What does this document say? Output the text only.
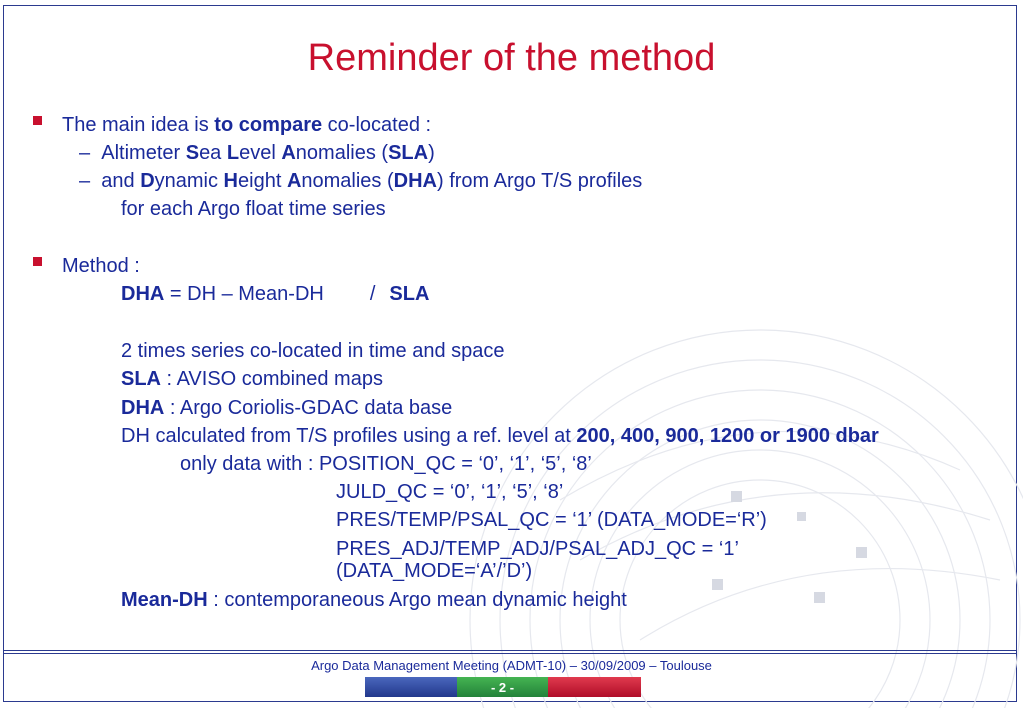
Reminder of the method
The main idea is to compare co-located :
– Altimeter Sea Level Anomalies (SLA)
– and Dynamic Height Anomalies (DHA) from Argo T/S profiles
for each Argo float time series
Method :
DHA = DH – Mean-DH / SLA
2 times series co-located in time and space
SLA : AVISO combined maps
DHA : Argo Coriolis-GDAC data base
DH calculated from T/S profiles using a ref. level at 200, 400, 900, 1200 or 1900 dbar
only data with : POSITION_QC = ‘0’, ‘1’, ‘5’, ‘8’
JULD_QC = ‘0’, ‘1’, ‘5’, ‘8’
PRES/TEMP/PSAL_QC = ‘1’ (DATA_MODE=‘R’)
PRES_ADJ/TEMP_ADJ/PSAL_ADJ_QC = ‘1’
(DATA_MODE=‘A’/’D’)
Mean-DH : contemporaneous Argo mean dynamic height
Argo Data Management Meeting (ADMT-10) – 30/09/2009 – Toulouse
- 2 -
